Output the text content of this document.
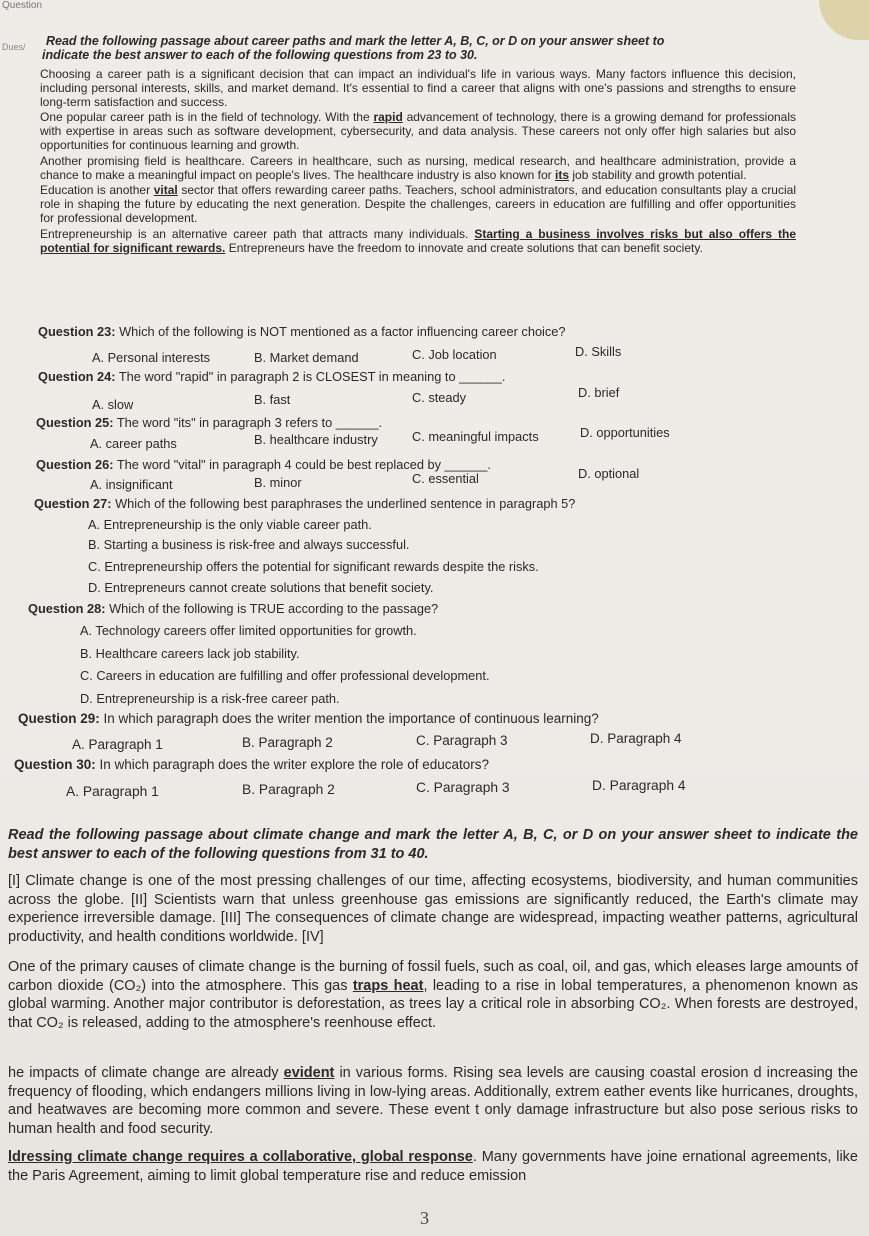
Question
Dues/ Read the following passage about career paths and mark the letter A, B, C, or D on your answer sheet to
indicate the best answer to each of the following questions from 23 to 30.

Choosing a career path is a significant decision that can impact an individual's life in various ways. Many factors influence this decision, including personal interests, skills, and market demand. It's essential to find a career that aligns with one's passions and strengths to ensure long-term satisfaction and success.

One popular career path is in the field of technology. With the rapid advancement of technology, there is a growing demand for professionals with expertise in areas such as software development, cybersecurity, and data analysis. These careers not only offer high salaries but also opportunities for continuous learning and growth.

Another promising field is healthcare. Careers in healthcare, such as nursing, medical research, and healthcare administration, provide a chance to make a meaningful impact on people's lives. The healthcare industry is also known for its job stability and growth potential.

Education is another vital sector that offers rewarding career paths. Teachers, school administrators, and education consultants play a crucial role in shaping the future by educating the next generation. Despite the challenges, careers in education are fulfilling and offer opportunities for professional development.

Entrepreneurship is an alternative career path that attracts many individuals. Starting a business involves risks but also offers the potential for significant rewards. Entrepreneurs have the freedom to innovate and create solutions that can benefit society.

Question 23: Which of the following is NOT mentioned as a factor influencing career choice?
A. Personal interests	B. Market demand	C. Job location	D. Skills
Question 24: The word "rapid" in paragraph 2 is CLOSEST in meaning to ______.
A. slow	B. fast	C. steady	D. brief
Question 25: The word "its" in paragraph 3 refers to ______.
A. career paths	B. healthcare industry	C. meaningful impacts	D. opportunities
Question 26: The word "vital" in paragraph 4 could be best replaced by ______.
A. insignificant	B. minor	C. essential	D. optional
Question 27: Which of the following best paraphrases the underlined sentence in paragraph 5?
A. Entrepreneurship is the only viable career path.
B. Starting a business is risk-free and always successful.
C. Entrepreneurship offers the potential for significant rewards despite the risks.
D. Entrepreneurs cannot create solutions that benefit society.
Question 28: Which of the following is TRUE according to the passage?
A. Technology careers offer limited opportunities for growth.
B. Healthcare careers lack job stability.
C. Careers in education are fulfilling and offer professional development.
D. Entrepreneurship is a risk-free career path.
Question 29: In which paragraph does the writer mention the importance of continuous learning?
A. Paragraph 1	B. Paragraph 2	C. Paragraph 3	D. Paragraph 4
Question 30: In which paragraph does the writer explore the role of educators?
A. Paragraph 1	B. Paragraph 2	C. Paragraph 3	D. Paragraph 4
Read the following passage about climate change and mark the letter A, B, C, or D on your answer sheet to indicate the best answer to each of the following questions from 31 to 40.
[I] Climate change is one of the most pressing challenges of our time, affecting ecosystems, biodiversity, and human communities across the globe. [II] Scientists warn that unless greenhouse gas emissions are significantly reduced, the Earth's climate may experience irreversible damage. [III] The consequences of climate change are widespread, impacting weather patterns, agricultural productivity, and health conditions worldwide. [IV]
One of the primary causes of climate change is the burning of fossil fuels, such as coal, oil, and gas, which eleases large amounts of carbon dioxide (CO₂) into the atmosphere. This gas traps heat, leading to a rise in lobal temperatures, a phenomenon known as global warming. Another major contributor is deforestation, as trees lay a critical role in absorbing CO₂. When forests are destroyed, that CO₂ is released, adding to the atmosphere's reenhouse effect.
he impacts of climate change are already evident in various forms. Rising sea levels are causing coastal erosion d increasing the frequency of flooding, which endangers millions living in low-lying areas. Additionally, extrem eather events like hurricanes, droughts, and heatwaves are becoming more common and severe. These event t only damage infrastructure but also pose serious risks to human health and food security.
ldressing climate change requires a collaborative, global response. Many governments have joine ernational agreements, like the Paris Agreement, aiming to limit global temperature rise and reduce emission
3
